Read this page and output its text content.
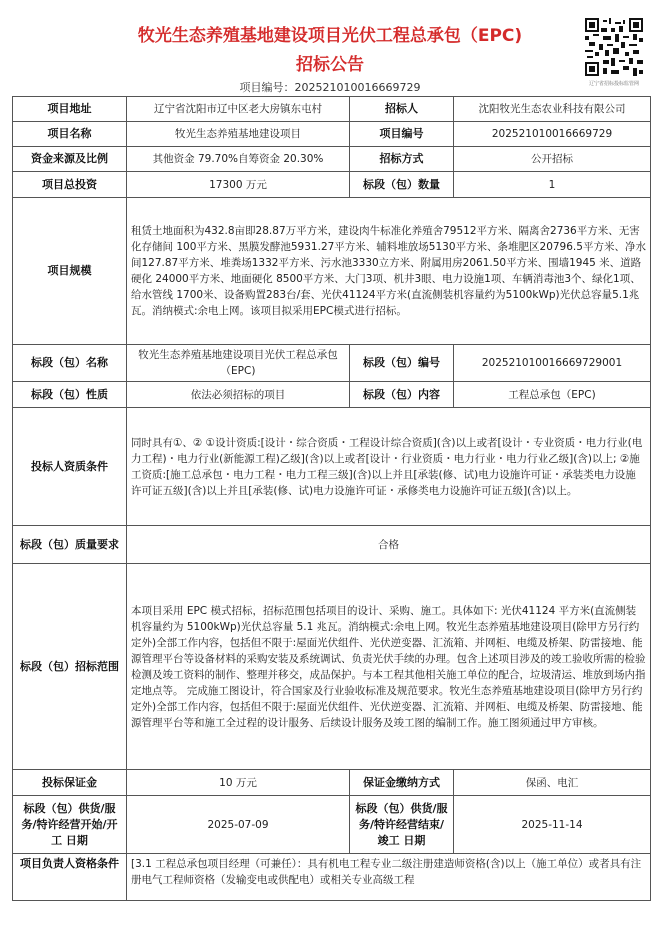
牧光生态养殖基地建设项目光伏工程总承包（EPC)
招标公告
项目编号：202521010016669729	辽宁省招标投标监管网
项目地址	辽宁省沈阳市辽中区老大房镇东屯村	招标人	沈阳牧光生态农业科技有限公司
项目名称	牧光生态养殖基地建设项目	项目编号	202521010016669729
资金来源及比例	其他资金 79.70%自筹资金 20.30%	招标方式	公开招标
项目总投资	17300 万元	标段（包）数量	1
项目规模	租赁土地面积为432.8亩即28.87万平方米，建设肉牛标准化养殖舍79512平方米、隔离舍2736平方米、无害化存储间 100平方米、黑膜发酵池5931.27平方米、辅料堆放场5130平方米、条堆肥区20796.5平方米、净水间127.87平方米、堆粪场1332平方米、污水池3330立方米、附属用房2061.50平方米、围墙1945 米、道路硬化 24000平方米、地面硬化 8500平方米、大门3项、机井3眼、电力设施1项、车辆消毒池3个、绿化1项、给水管线 1700米、设备购置283台/套、光伏41124平方米(直流侧装机容量约为5100kWp)光伏总容量5.1兆瓦。消纳模式:余电上网。该项目拟采用EPC模式进行招标。		
标段（包）名称	牧光生态养殖基地建设项目光伏工程总承包（EPC)	标段（包）编号	202521010016669729001
标段（包）性质	依法必须招标的项目	标段（包）内容	工程总承包（EPC)
投标人资质条件	同时具有①、② ①设计资质:[设计・综合资质・工程设计综合资质](含)以上或者[设计・专业资质・电力行业(电力工程)・电力行业(新能源工程)乙级](含)以上或者[设计・行业资质・电力行业・电力行业乙级](含)以上; ②施工资质:[施工总承包・电力工程・电力工程三级](含)以上并且[承装(修、试)电力设施许可证・承装类电力设施许可证五级](含)以上并且[承装(修、试)电力设施许可证・承修类电力设施许可证五级](含)以上。		
标段（包）质量要求	合格		
标段（包）招标范围	本项目采用 EPC 模式招标，招标范围包括项目的设计、采购、施工。具体如下: 光伏41124 平方米(直流侧装机容量约为 5100kWp)光伏总容量 5.1 兆瓦。消纳模式:余电上网。牧光生态养殖基地建设项目(除甲方另行约定外)全部工作内容，包括但不限于:屋面光伏组件、光伏逆变器、汇流箱、并网柜、电缆及桥架、防雷接地、能源管理平台等设备材料的采购安装及系统调试、负责光伏手续的办理。包含上述项目涉及的竣工验收所需的检验检测及竣工资料的制作、整理并移交，成品保护。与本工程其他相关施工单位的配合，垃圾清运、堆放到场内指定地点等。 完成施工图设计，符合国家及行业验收标准及规范要求。牧光生态养殖基地建设项目(除甲方另行约定外)全部工作内容，包括但不限于:屋面光伏组件、光伏逆变器、汇流箱、并网柜、电缆及桥架、防雷接地、能源管理平台等和施工全过程的设计服务、后续设计服务及竣工图的编制工作。施工图须通过甲方审核。		
投标保证金	10 万元	保证金缴纳方式	保函、电汇
标段（包）供货/服务/特许经营开始/开工 日期	2025-07-09	标段（包）供货/服务/特许经营结束/竣工 日期	2025-11-14
项目负责人资格条件	[3.1 工程总承包项目经理（可兼任）：具有机电工程专业二级注册建造师资格(含)以上（施工单位）或者具有注册电气工程师资格（发输变电或供配电）或相关专业高级工程		
